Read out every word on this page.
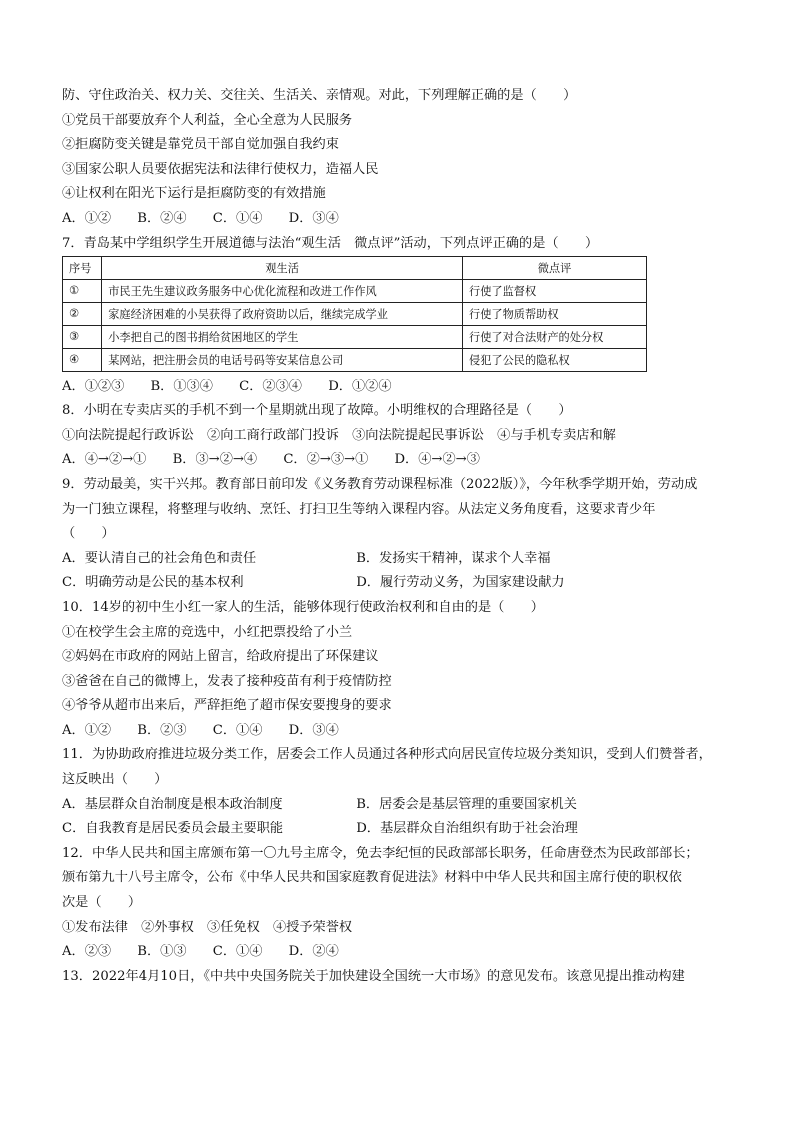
防、守住政治关、权力关、交往关、生活关、亲情观。对此，下列理解正确的是（　　）
①党员干部要放弃个人利益，全心全意为人民服务
②拒腐防变关键是靠党员干部自觉加强自我约束
③国家公职人员要依据宪法和法律行使权力，造福人民
④让权利在阳光下运行是拒腐防变的有效措施
A．①② B．②④ C．①④ D．③④
7．青岛某中学组织学生开展道德与法治“观生活　微点评”活动，下列点评正确的是（　　）
序号	观生活	微点评
①	市民王先生建议政务服务中心优化流程和改进工作作风	行使了监督权
②	家庭经济困难的小吴获得了政府资助以后，继续完成学业	行使了物质帮助权
③	小李把自己的图书捐给贫困地区的学生	行使了对合法财产的处分权
④	某网站，把注册会员的电话号码等安某信息公司	侵犯了公民的隐私权
A．①②③ B．①③④ C．②③④ D．①②④
8．小明在专卖店买的手机不到一个星期就出现了故障。小明维权的合理路径是（　　）
①向法院提起行政诉讼　②向工商行政部门投诉　③向法院提起民事诉讼　④与手机专卖店和解
A．④→②→① B．③→②→④ C．②→③→① D．④→②→③
9．劳动最美，实干兴邦。教育部日前印发《义务教育劳动课程标准（2022版）》，今年秋季学期开始，劳动成
为一门独立课程，将整理与收纳、烹饪、打扫卫生等纳入课程内容。从法定义务角度看，这要求青少年
（　　）
A．要认清自己的社会角色和责任	B．发扬实干精神，谋求个人幸福
C．明确劳动是公民的基本权利	D．履行劳动义务，为国家建设献力
10．14岁的初中生小红一家人的生活，能够体现行使政治权利和自由的是（　　）
①在校学生会主席的竞选中，小红把票投给了小兰
②妈妈在市政府的网站上留言，给政府提出了环保建议
③爸爸在自己的微博上，发表了接种疫苗有利于疫情防控
④爷爷从超市出来后，严辞拒绝了超市保安要搜身的要求
A．①② B．②③ C．①④ D．③④
11．为协助政府推进垃圾分类工作，居委会工作人员通过各种形式向居民宣传垃圾分类知识，受到人们赞誉者，
这反映出（　　）
A．基层群众自治制度是根本政治制度	B．居委会是基层管理的重要国家机关
C．自我教育是居民委员会最主要职能	D．基层群众自治组织有助于社会治理
12．中华人民共和国主席颁布第一〇九号主席令，免去李纪恒的民政部部长职务，任命唐登杰为民政部部长；
颁布第九十八号主席令，公布《中华人民共和国家庭教育促进法》材料中中华人民共和国主席行使的职权依
次是（　　）
①发布法律　②外事权　③任免权　④授予荣誉权
A．②③ B．①③ C．①④ D．②④
13．2022年4月10日，《中共中央国务院关于加快建设全国统一大市场》的意见发布。该意见提出推动构建
